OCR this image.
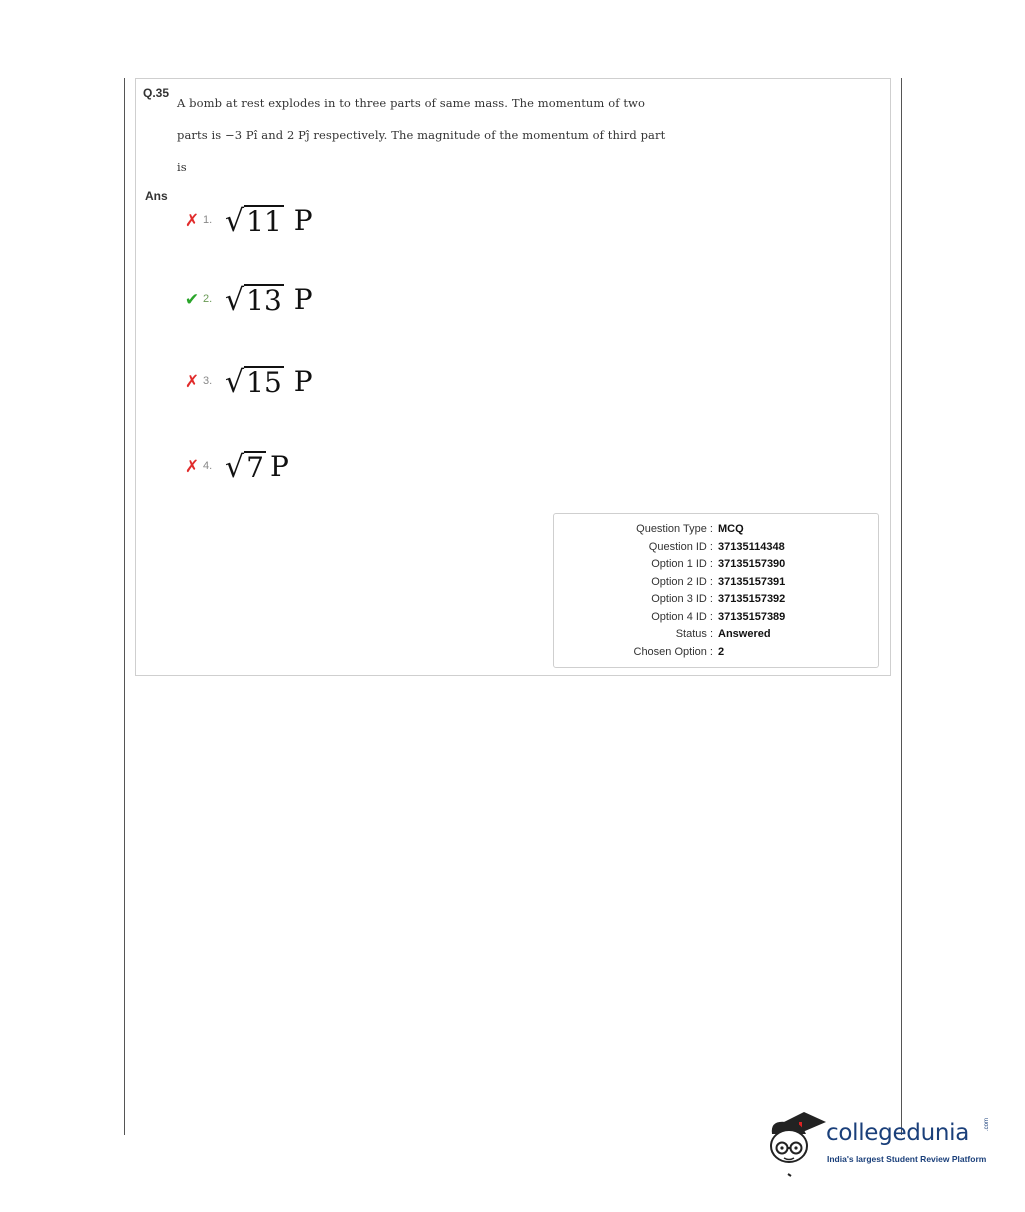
Q.35
A bomb at rest explodes in to three parts of same mass. The momentum of two
parts is −3 Pî and 2 Pĵ respectively. The magnitude of the momentum of third part
is
Ans
✗ 1. √ 11 P
✔ 2. √ 13 P
✗ 3. √ 15 P
✗ 4. √ 7 P
Question Type : MCQ
Question ID : 37135114348
Option 1 ID : 37135157390
Option 2 ID : 37135157391
Option 3 ID : 37135157392
Option 4 ID : 37135157389
Status : Answered
Chosen Option : 2
collegedunia .com
India's largest Student Review Platform
